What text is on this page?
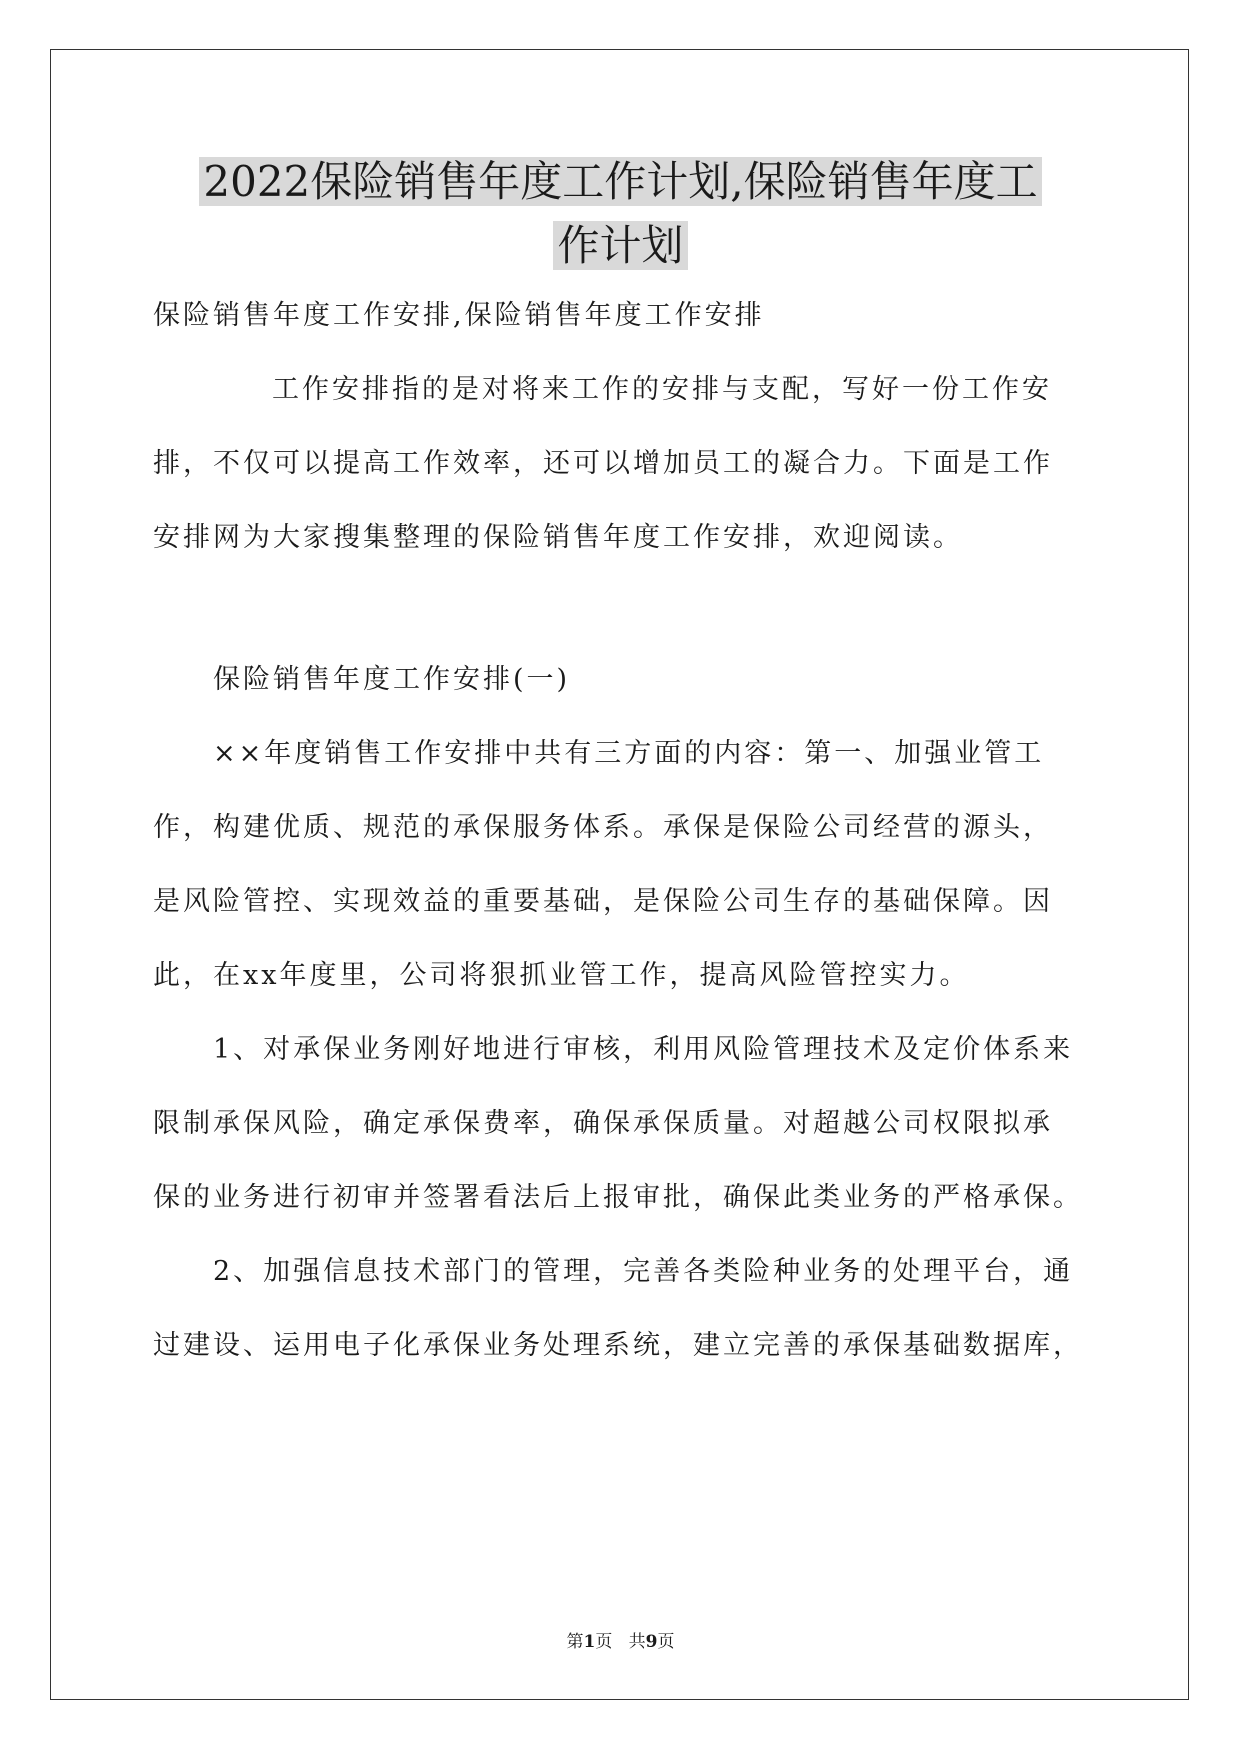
2022保险销售年度工作计划,保险销售年度工
作计划

保险销售年度工作安排,保险销售年度工作安排

工作安排指的是对将来工作的安排与支配，写好一份工作安

排，不仅可以提高工作效率，还可以增加员工的凝合力。下面是工作

安排网为大家搜集整理的保险销售年度工作安排，欢迎阅读。

保险销售年度工作安排(一)

××年度销售工作安排中共有三方面的内容：第一、加强业管工

作，构建优质、规范的承保服务体系。承保是保险公司经营的源头，

是风险管控、实现效益的重要基础，是保险公司生存的基础保障。因

此，在xx年度里，公司将狠抓业管工作，提高风险管控实力。

1、对承保业务刚好地进行审核，利用风险管理技术及定价体系来

限制承保风险，确定承保费率，确保承保质量。对超越公司权限拟承

保的业务进行初审并签署看法后上报审批，确保此类业务的严格承保。

2、加强信息技术部门的管理，完善各类险种业务的处理平台，通

过建设、运用电子化承保业务处理系统，建立完善的承保基础数据库，

第1页 共9页
